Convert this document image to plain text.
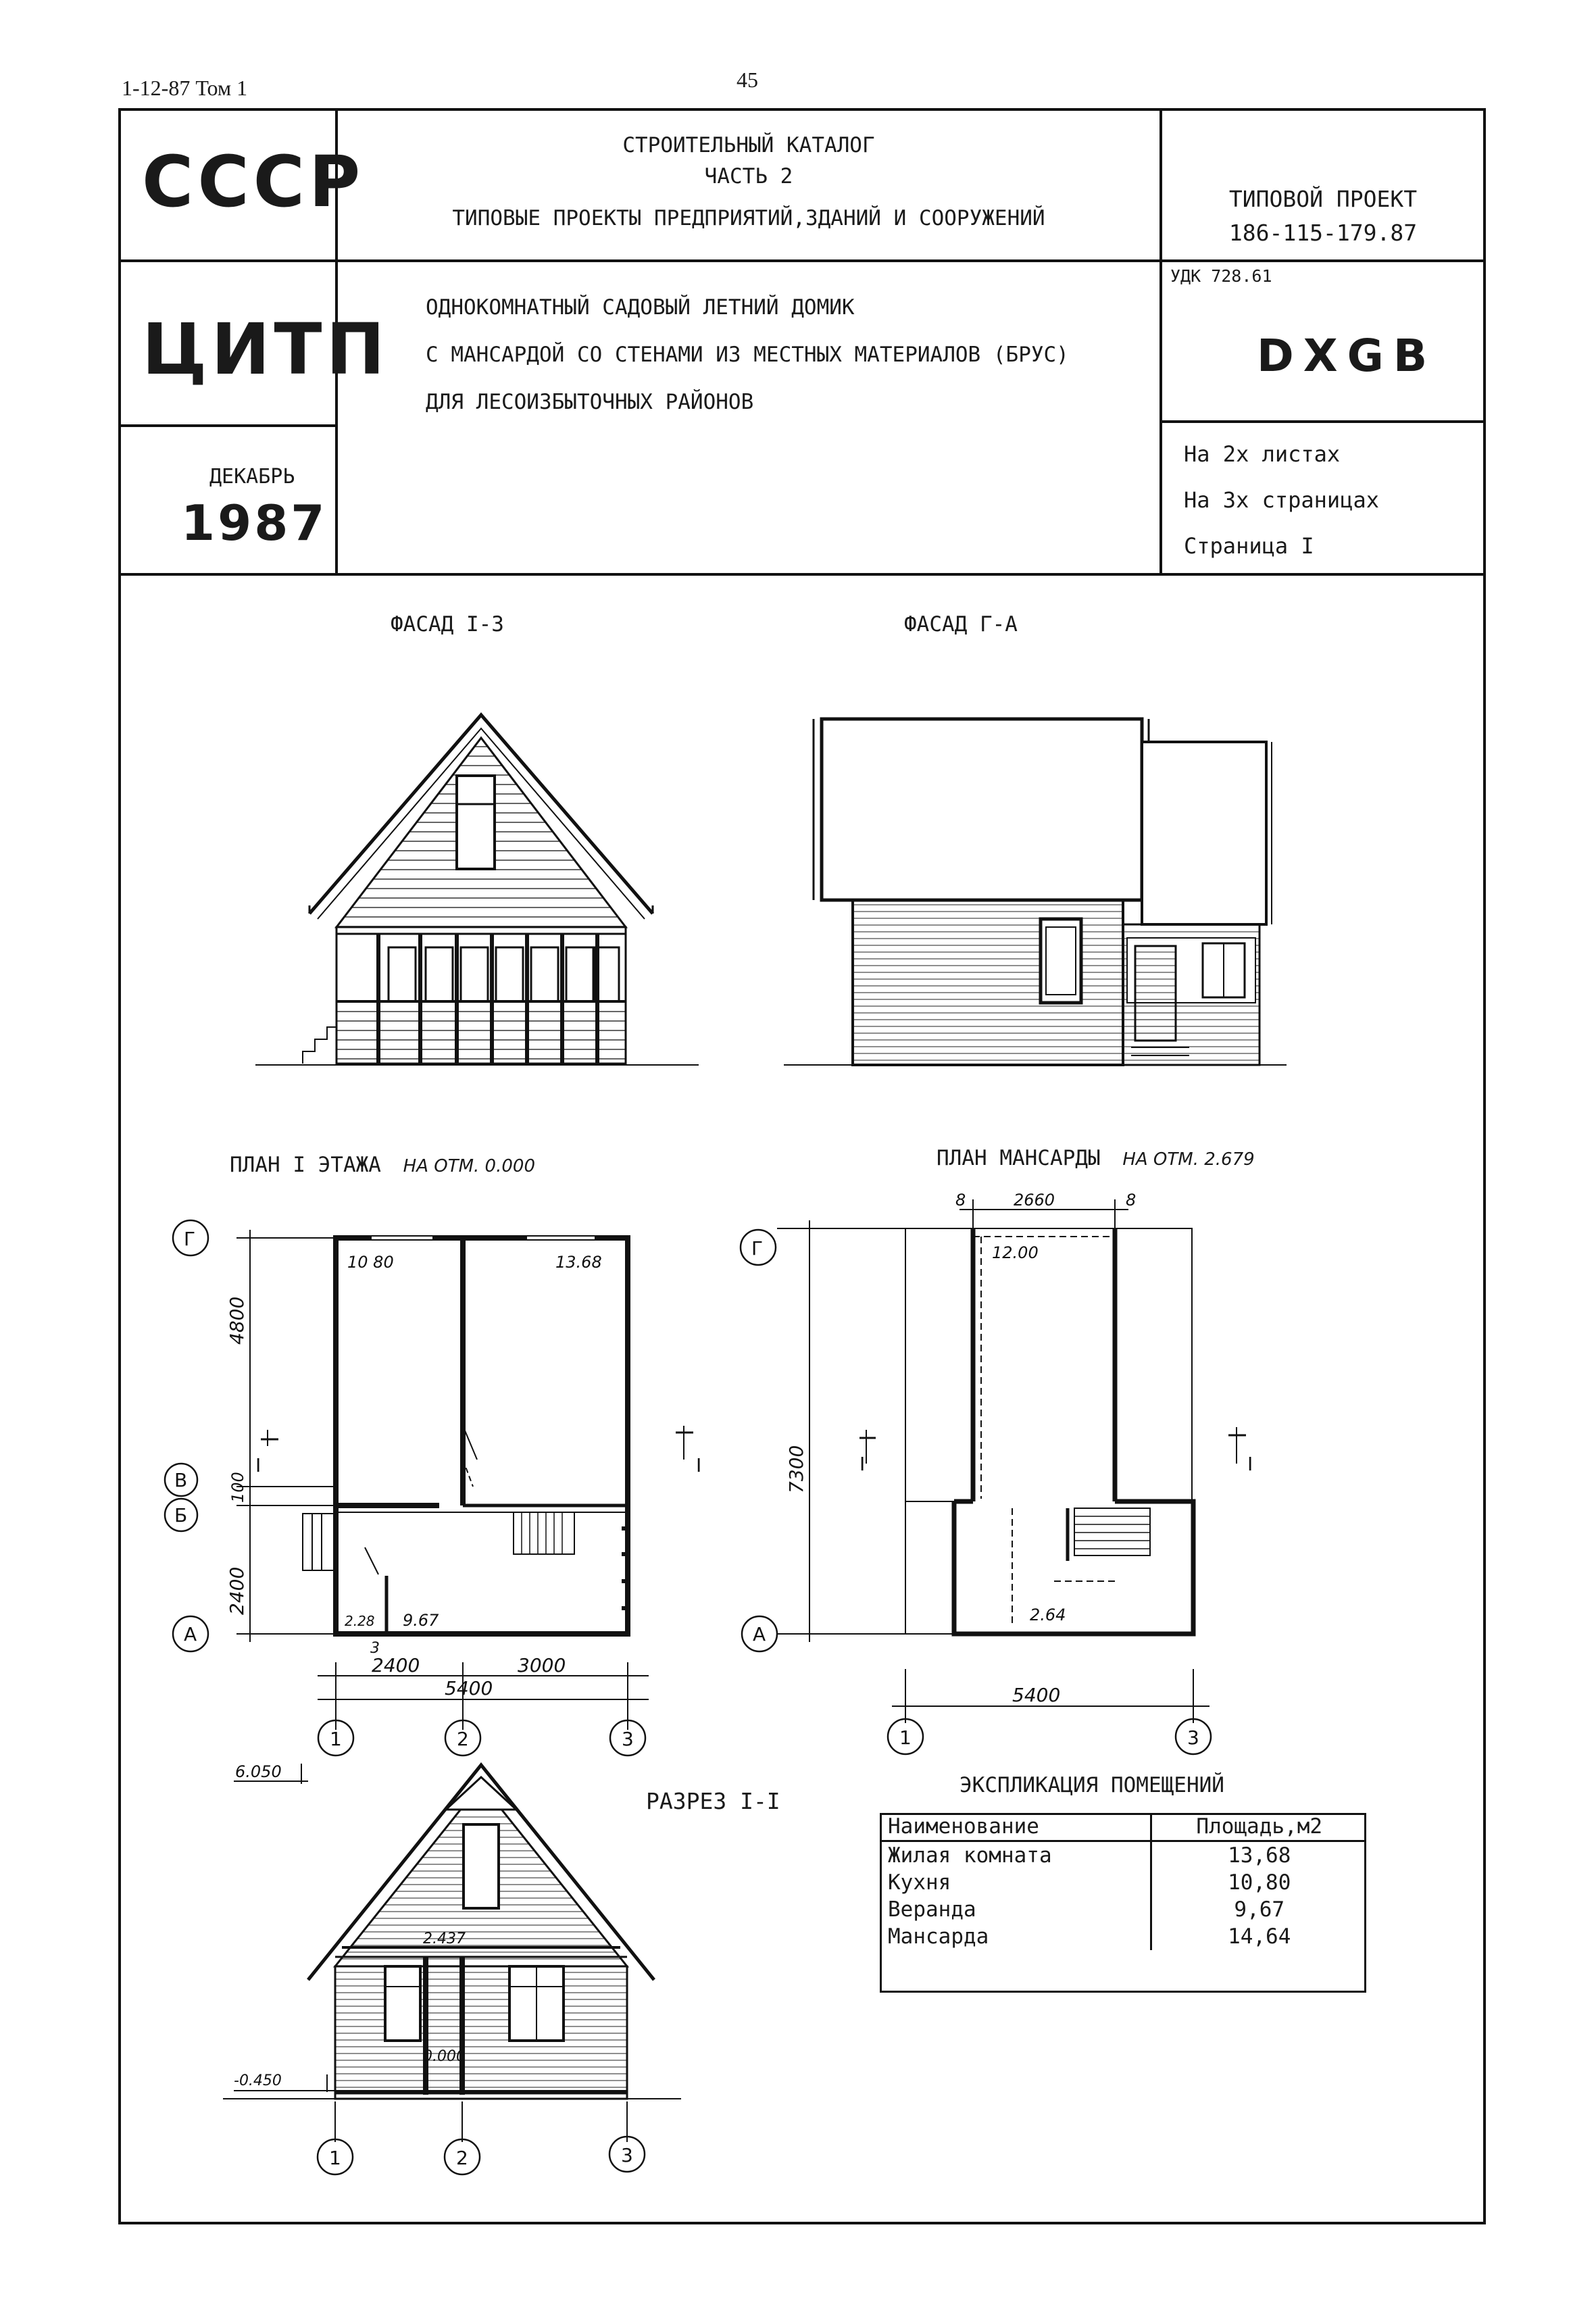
1-12-87 Том 1	45
СССР
ЦИТП
ДЕКАБРЬ
1987
СТРОИТЕЛЬНЫЙ КАТАЛОГ
ЧАСТЬ 2
ТИПОВЫЕ ПРОЕКТЫ ПРЕДПРИЯТИЙ,ЗДАНИЙ И СООРУЖЕНИЙ
ОДНОКОМНАТНЫЙ САДОВЫЙ ЛЕТНИЙ ДОМИК
С МАНСАРДОЙ СО СТЕНАМИ ИЗ МЕСТНЫХ МАТЕРИАЛОВ (БРУС)
ДЛЯ ЛЕСОИЗБЫТОЧНЫХ РАЙОНОВ
ТИПОВОЙ ПРОЕКТ
186-115-179.87
УДК 728.61
DXGB
На 2х листах
На 3х страницах
Страница I
ФАСАД I-3	ФАСАД Г-А
ПЛАН I ЭТАЖА НА ОТМ. 0.000	ПЛАН МАНСАРДЫ НА ОТМ. 2.679
РАЗРЕЗ I-I
Г
В
Б
А
1	2	3
I	I
4800
100
2400
2400	3000
5400
10 80	13.68
9.67
2.28
3
Г
А
1	3
I	I
8	2660	8
7300
5400
12.00
2.64
6.050
2.437
0.000
-0.450
1	2	3
ЭКСПЛИКАЦИЯ ПОМЕЩЕНИЙ
Наименование	Площадь,м2
Жилая комната	13,68
Кухня	10,80
Веранда	9,67
Мансарда	14,64
